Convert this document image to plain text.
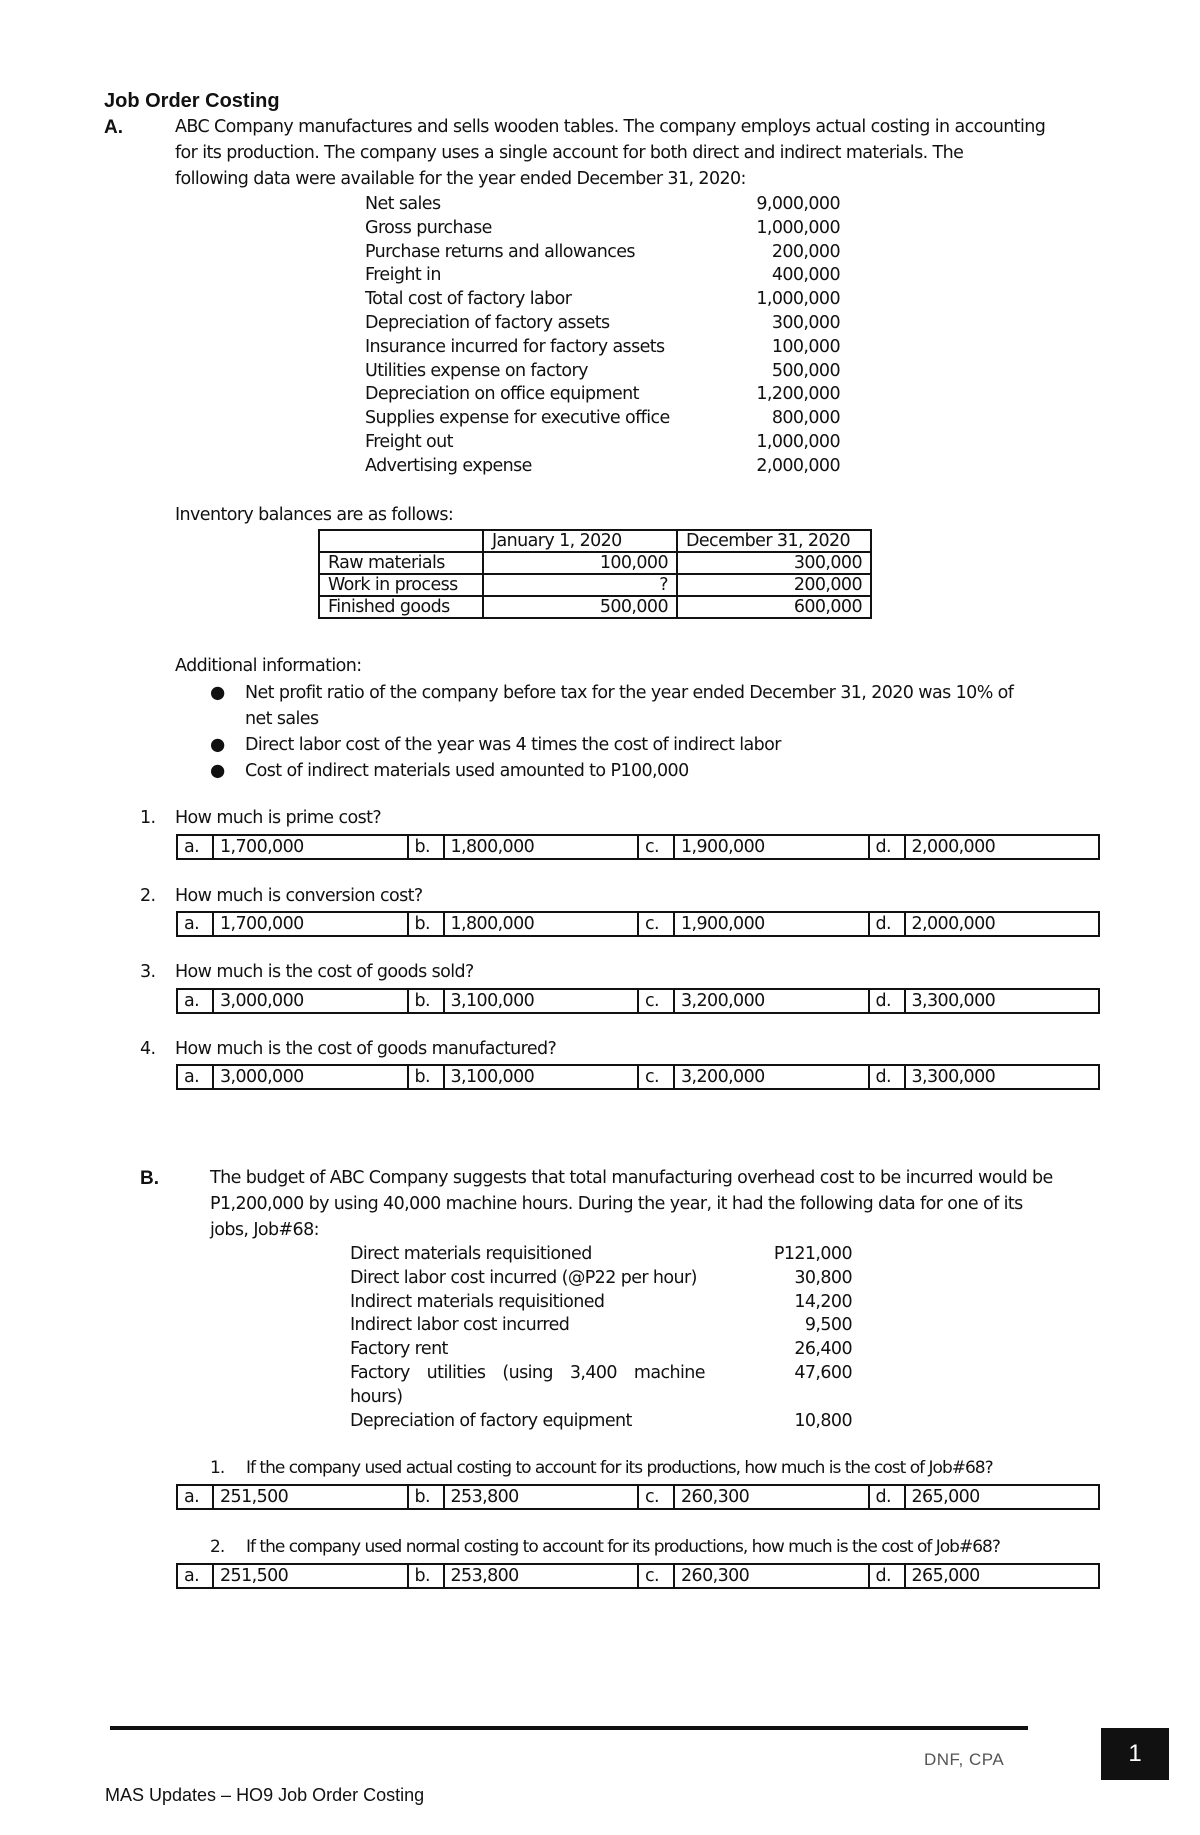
Job Order Costing
A.	ABC Company manufactures and sells wooden tables. The company employs actual costing in accounting
for its production. The company uses a single account for both direct and indirect materials. The
following data were available for the year ended December 31, 2020:
Net sales	9,000,000
Gross purchase	1,000,000
Purchase returns and allowances	200,000
Freight in	400,000
Total cost of factory labor	1,000,000
Depreciation of factory assets	300,000
Insurance incurred for factory assets	100,000
Utilities expense on factory	500,000
Depreciation on office equipment	1,200,000
Supplies expense for executive office	800,000
Freight out	1,000,000
Advertising expense	2,000,000
Inventory balances are as follows:
	January 1, 2020	December 31, 2020
Raw materials	100,000	300,000
Work in process	?	200,000
Finished goods	500,000	600,000
Additional information:
●	Net profit ratio of the company before tax for the year ended December 31, 2020 was 10% of
net sales
●	Direct labor cost of the year was 4 times the cost of indirect labor
●	Cost of indirect materials used amounted to P100,000
1. How much is prime cost?
a.	1,700,000	b.	1,800,000	c.	1,900,000	d.	2,000,000
2. How much is conversion cost?
a.	1,700,000	b.	1,800,000	c.	1,900,000	d.	2,000,000
3. How much is the cost of goods sold?
a.	3,000,000	b.	3,100,000	c.	3,200,000	d.	3,300,000
4. How much is the cost of goods manufactured?
a.	3,000,000	b.	3,100,000	c.	3,200,000	d.	3,300,000
B.	The budget of ABC Company suggests that total manufacturing overhead cost to be incurred would be
P1,200,000 by using 40,000 machine hours. During the year, it had the following data for one of its
jobs, Job#68:
Direct materials requisitioned	P121,000
Direct labor cost incurred (@P22 per hour)	30,800
Indirect materials requisitioned	14,200
Indirect labor cost incurred	9,500
Factory rent	26,400
Factory utilities (using 3,400 machine	47,600
hours)
Depreciation of factory equipment	10,800
1. If the company used actual costing to account for its productions, how much is the cost of Job#68?
a.	251,500	b.	253,800	c.	260,300	d.	265,000
2. If the company used normal costing to account for its productions, how much is the cost of Job#68?
a.	251,500	b.	253,800	c.	260,300	d.	265,000
DNF, CPA	1
MAS Updates – HO9 Job Order Costing
